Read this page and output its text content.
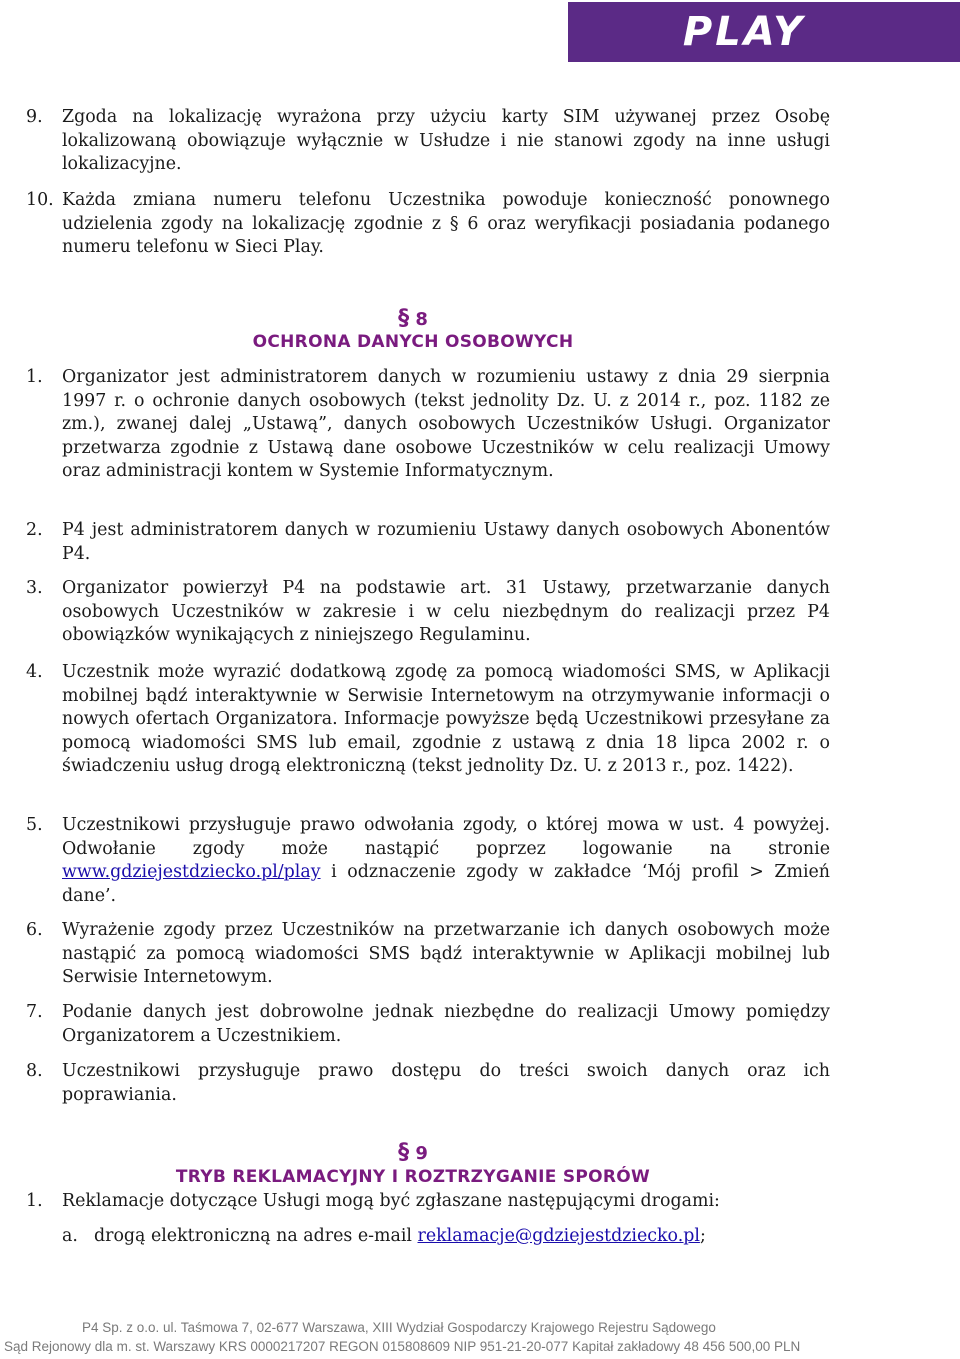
PLAY
9. Zgoda na lokalizację wyrażona przy użyciu karty SIM używanej przez Osobę lokalizowaną obowiązuje wyłącznie w Usłudze i nie stanowi zgody na inne usługi lokalizacyjne.
10. Każda zmiana numeru telefonu Uczestnika powoduje konieczność ponownego udzielenia zgody na lokalizację zgodnie z § 6 oraz weryfikacji posiadania podanego numeru telefonu w Sieci Play.
§ 8
OCHRONA DANYCH OSOBOWYCH
1. Organizator jest administratorem danych w rozumieniu ustawy z dnia 29 sierpnia 1997 r. o ochronie danych osobowych (tekst jednolity Dz. U. z 2014 r., poz. 1182 ze zm.), zwanej dalej „Ustawą”, danych osobowych Uczestników Usługi. Organizator przetwarza zgodnie z Ustawą dane osobowe Uczestników w celu realizacji Umowy oraz administracji kontem w Systemie Informatycznym.
2. P4 jest administratorem danych w rozumieniu Ustawy danych osobowych Abonentów P4.
3. Organizator powierzył P4 na podstawie art. 31 Ustawy, przetwarzanie danych osobowych Uczestników w zakresie i w celu niezbędnym do realizacji przez P4 obowiązków wynikających z niniejszego Regulaminu.
4. Uczestnik może wyrazić dodatkową zgodę za pomocą wiadomości SMS, w Aplikacji mobilnej bądź interaktywnie w Serwisie Internetowym na otrzymywanie informacji o nowych ofertach Organizatora. Informacje powyższe będą Uczestnikowi przesyłane za pomocą wiadomości SMS lub email, zgodnie z ustawą z dnia 18 lipca 2002 r. o świadczeniu usług drogą elektroniczną (tekst jednolity Dz. U. z 2013 r., poz. 1422).
5. Uczestnikowi przysługuje prawo odwołania zgody, o której mowa w ust. 4 powyżej. Odwołanie zgody może nastąpić poprzez logowanie na stronie www.gdziejestdziecko.pl/play i odznaczenie zgody w zakładce ‘Mój profil > Zmień dane’.
6. Wyrażenie zgody przez Uczestników na przetwarzanie ich danych osobowych może nastąpić za pomocą wiadomości SMS bądź interaktywnie w Aplikacji mobilnej lub Serwisie Internetowym.
7. Podanie danych jest dobrowolne jednak niezbędne do realizacji Umowy pomiędzy Organizatorem a Uczestnikiem.
8. Uczestnikowi przysługuje prawo dostępu do treści swoich danych oraz ich poprawiania.
§ 9
TRYB REKLAMACYJNY I ROZTRZYGANIE SPORÓW
1. Reklamacje dotyczące Usługi mogą być zgłaszane następującymi drogami:
a. drogą elektroniczną na adres e-mail reklamacje@gdziejestdziecko.pl;
P4 Sp. z o.o. ul. Taśmowa 7, 02-677 Warszawa, XIII Wydział Gospodarczy Krajowego Rejestru Sądowego
Sąd Rejonowy dla m. st. Warszawy KRS 0000217207 REGON 015808609 NIP 951-21-20-077 Kapitał zakładowy 48 456 500,00 PLN
